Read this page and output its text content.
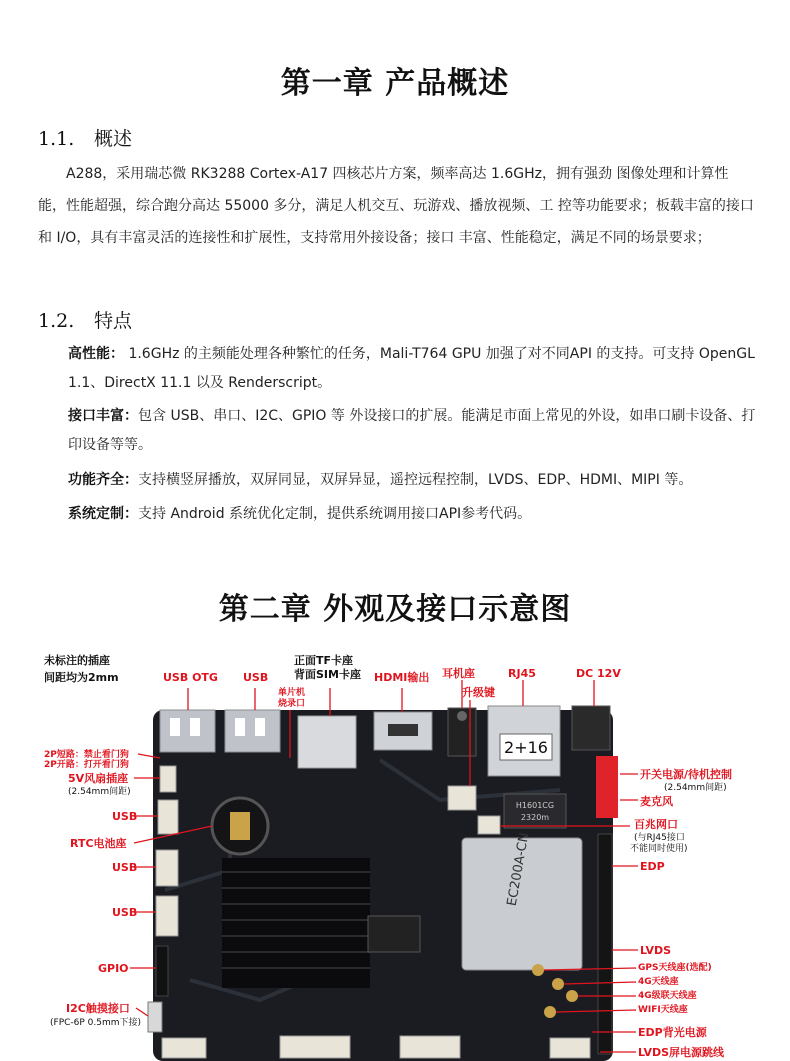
第一章 产品概述
1.1. 概述
A288，采用瑞芯微 RK3288 Cortex-A17 四核芯片方案，频率高达 1.6GHz，拥有强劲 图像处理和计算性能，性能超强，综合跑分高达 55000 多分，满足人机交互、玩游戏、播放视频、工 控等功能要求；板载丰富的接口和 I/O，具有丰富灵活的连接性和扩展性，支持常用外接设备；接口 丰富、性能稳定，满足不同的场景要求；
1.2. 特点
高性能： 1.6GHz 的主频能处理各种繁忙的任务，Mali-T764 GPU 加强了对不同API 的支持。可支持 OpenGL 1.1、DirectX 11.1 以及 Renderscript。
接口丰富：包含 USB、串口、I2C、GPIO 等 外设接口的扩展。能满足市面上常见的外设，如串口刷卡设备、打印设备等等。
功能齐全：支持横竖屏播放，双屏同显，双屏异显，遥控远程控制，LVDS、EDP、HDMI、MIPI 等。
系统定制：支持 Android 系统优化定制，提供系统调用接口API参考代码。
第二章 外观及接口示意图
未标注的插座
间距均为2mm
2+16
EC200A-CN
H1601CG
2320m
USB OTG USB
正面TF卡座
背面SIM卡座 HDMI输出 耳机座	RJ45	DC 12V
单片机
烧录口
升级键
2P短路：禁止看门狗
2P开路：打开看门狗
5V风扇插座
(2.54mm间距)
USB
RTC电池座
USB
USB
GPIO
I2C触摸接口
(FPC-6P 0.5mm下接)
开关电源/待机控制
(2.54mm间距)
麦克风
百兆网口
(与RJ45接口
不能同时使用)
EDP
LVDS
GPS天线座(选配)
4G天线座
4G级联天线座
WIFI天线座
EDP背光电源
LVDS屏电源跳线
